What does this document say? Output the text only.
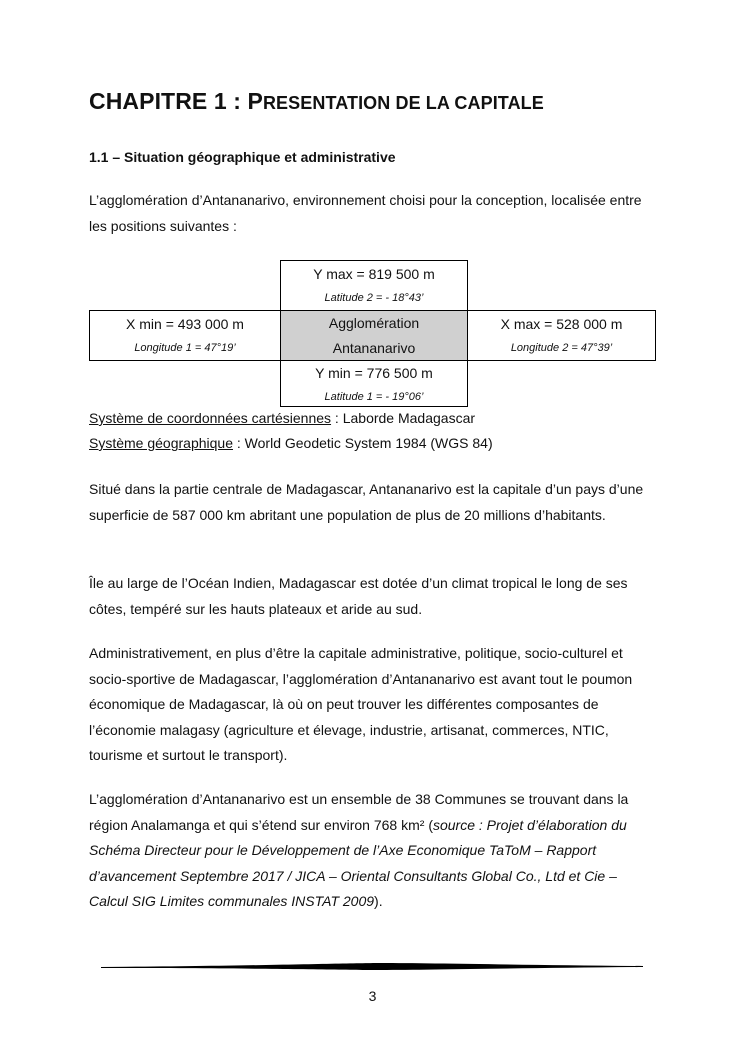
CHAPITRE 1 : PRESENTATION DE LA CAPITALE
1.1 – Situation géographique et administrative

L’agglomération d’Antananarivo, environnement choisi pour la conception, localisée entre les positions suivantes :

Y max = 819 500 m
Latitude 2 = - 18°43’
X min = 493 000 m
Longitude 1 = 47°19’
Agglomération
Antananarivo
X max = 528 000 m
Longitude 2 = 47°39’
Y min = 776 500 m
Latitude 1 = - 19°06’

Système de coordonnées cartésiennes : Laborde Madagascar

Système géographique : World Geodetic System 1984 (WGS 84)

Situé dans la partie centrale de Madagascar, Antananarivo est la capitale d’un pays d’une superficie de 587 000 km abritant une population de plus de 20 millions d’habitants.

Île au large de l’Océan Indien, Madagascar est dotée d’un climat tropical le long de ses côtes, tempéré sur les hauts plateaux et aride au sud.

Administrativement, en plus d’être la capitale administrative, politique, socio-culturel et socio-sportive de Madagascar, l’agglomération d’Antananarivo est avant tout le poumon économique de Madagascar, là où on peut trouver les différentes composantes de l’économie malagasy (agriculture et élevage, industrie, artisanat, commerces, NTIC, tourisme et surtout le transport).

L’agglomération d’Antananarivo est un ensemble de 38 Communes se trouvant dans la région Analamanga et qui s’étend sur environ 768 km² (source : Projet d’élaboration du Schéma Directeur pour le Développement de l’Axe Economique TaToM – Rapport d’avancement Septembre 2017 / JICA – Oriental Consultants Global Co., Ltd et Cie – Calcul SIG Limites communales INSTAT 2009).

3
